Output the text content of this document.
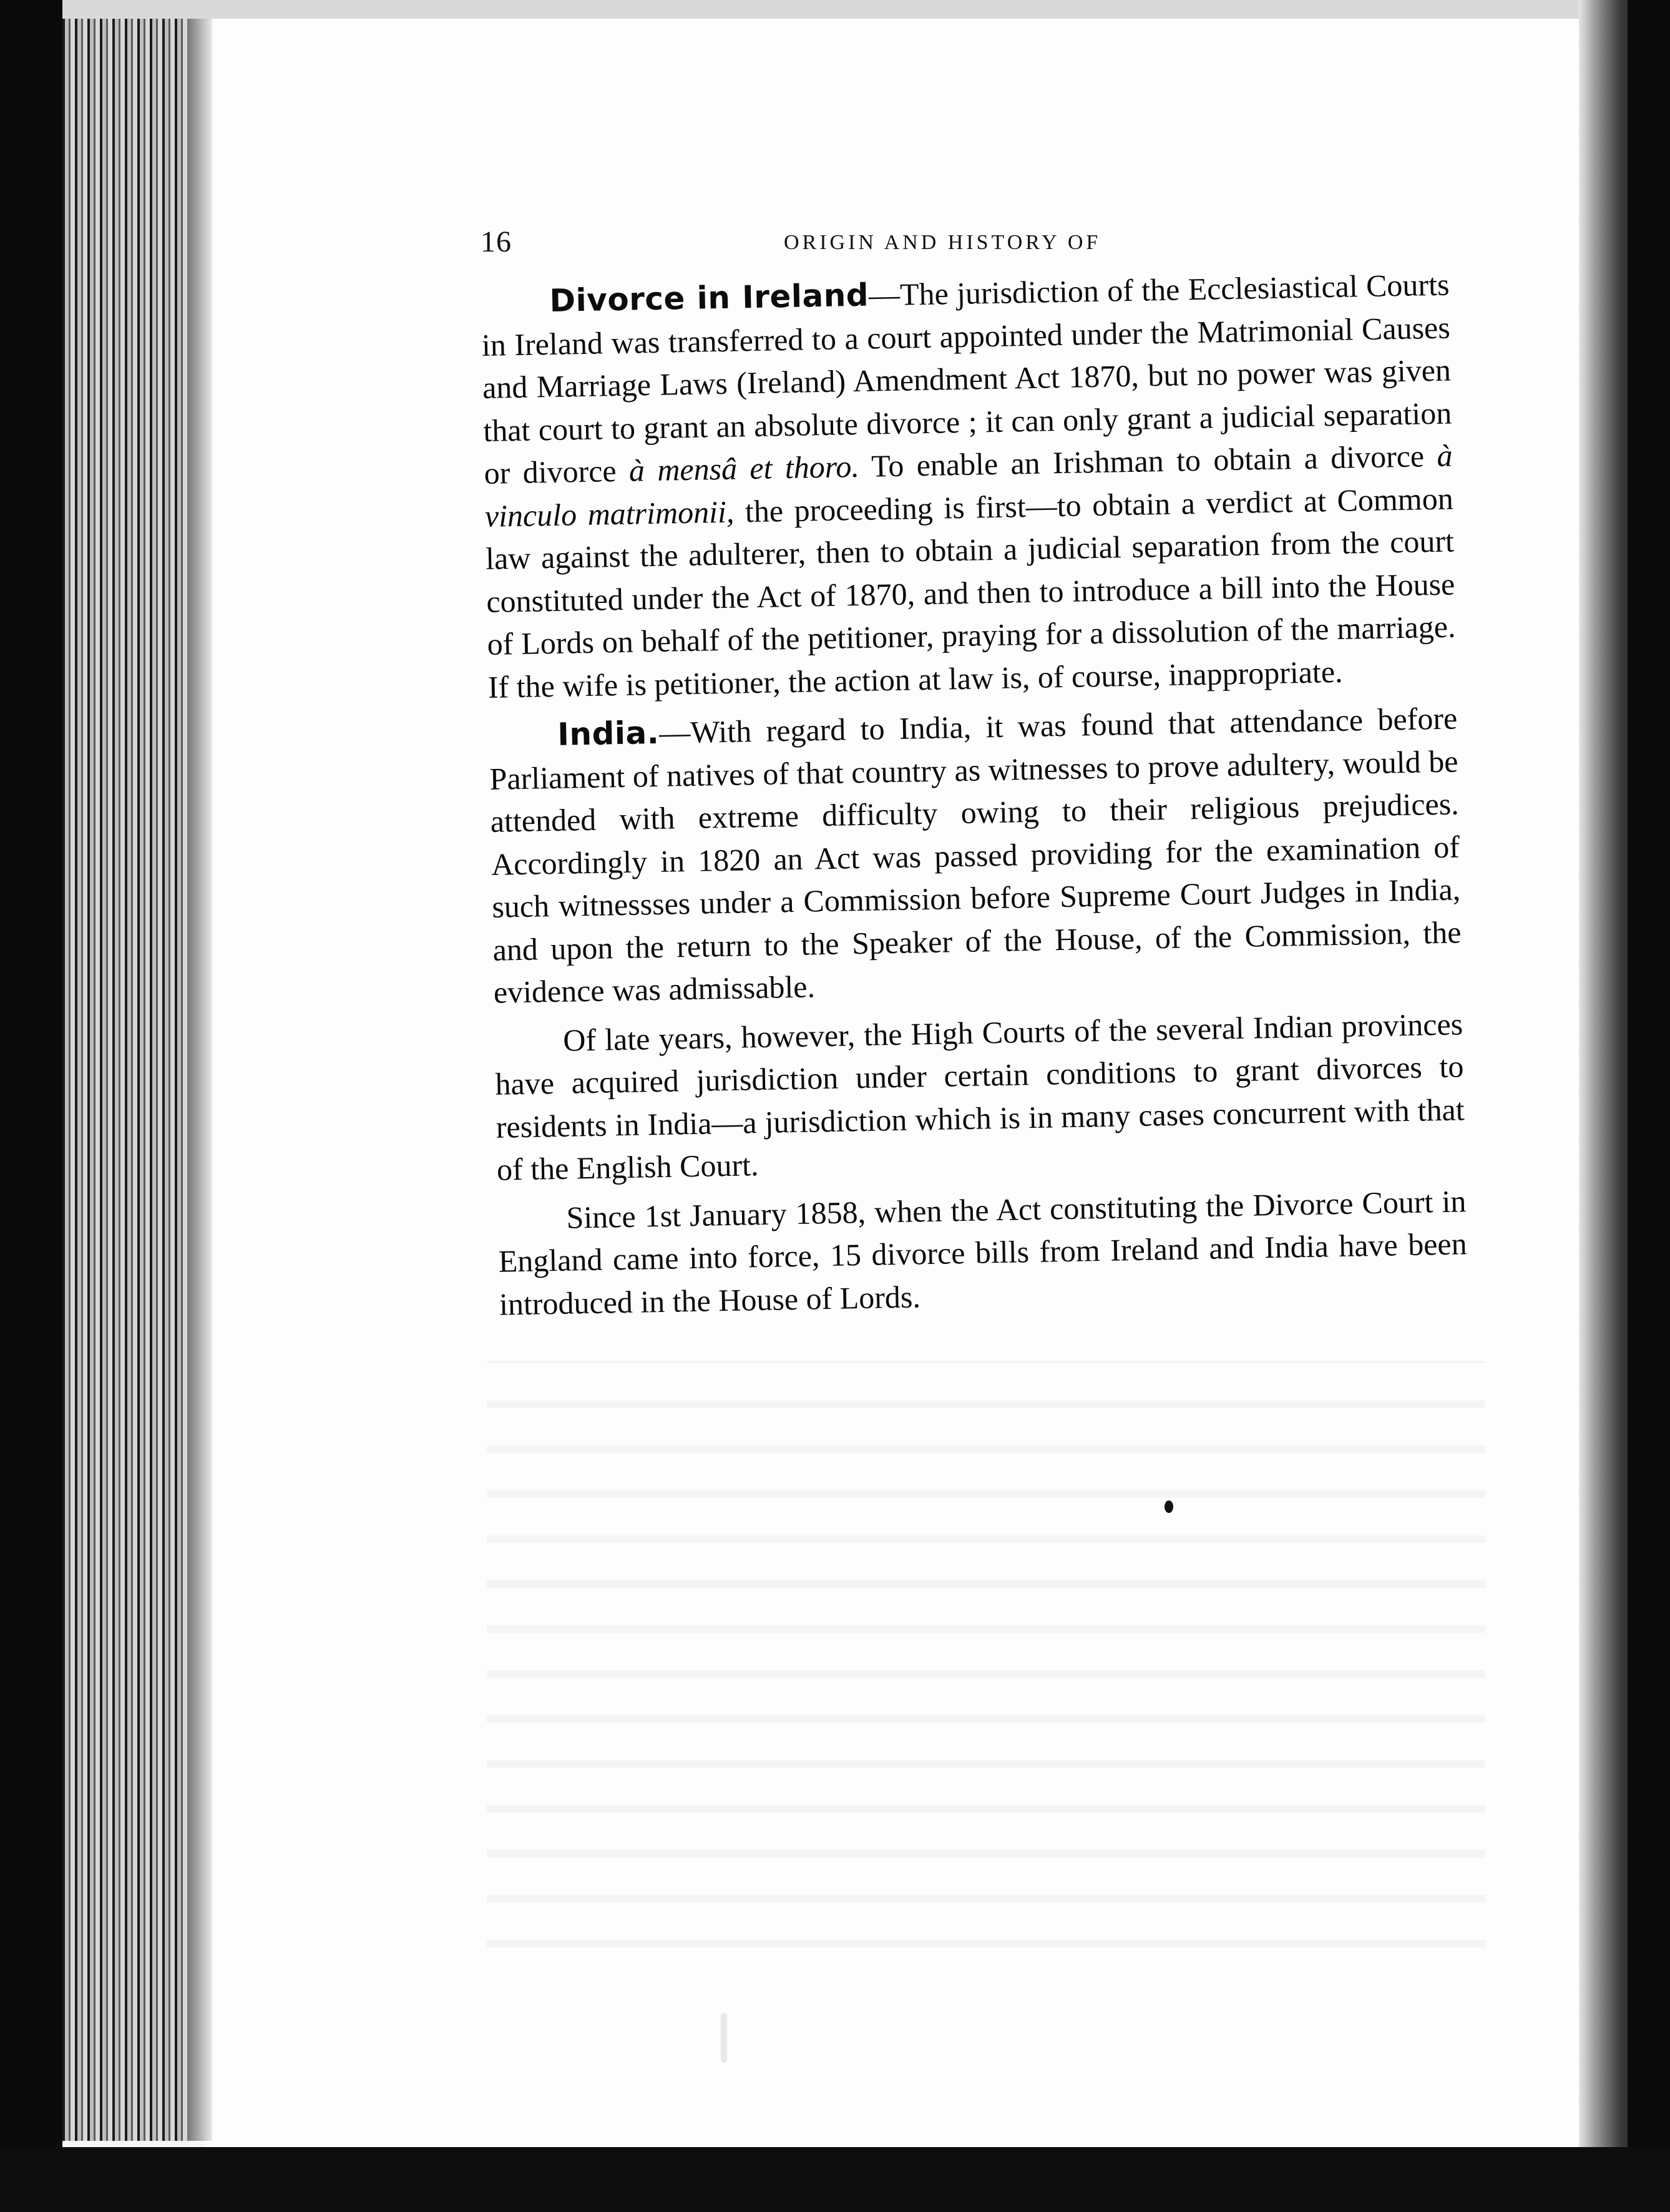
16	ORIGIN AND HISTORY OF

Divorce in Ireland—The jurisdiction of the Ecclesiastical Courts in Ireland was transferred to a court appointed under the Matrimonial Causes and Marriage Laws (Ireland) Amendment Act 1870, but no power was given that court to grant an absolute divorce ; it can only grant a judicial separation or divorce à mensâ et thoro. To enable an Irishman to obtain a divorce à vinculo matrimonii, the proceeding is first—to obtain a verdict at Common law against the adulterer, then to obtain a judicial separation from the court constituted under the Act of 1870, and then to introduce a bill into the House of Lords on behalf of the petitioner, praying for a dissolution of the marriage. If the wife is petitioner, the action at law is, of course, inappropriate.

India.—With regard to India, it was found that attendance before Parliament of natives of that country as witnesses to prove adultery, would be attended with extreme difficulty owing to their religious prejudices. Accordingly in 1820 an Act was passed providing for the examination of such witnessses under a Commission before Supreme Court Judges in India, and upon the return to the Speaker of the House, of the Commission, the evidence was admissable.

Of late years, however, the High Courts of the several Indian provinces have acquired jurisdiction under certain conditions to grant divorces to residents in India—a jurisdiction which is in many cases concurrent with that of the English Court.

Since 1st January 1858, when the Act constituting the Divorce Court in England came into force, 15 divorce bills from Ireland and India have been introduced in the House of Lords.
